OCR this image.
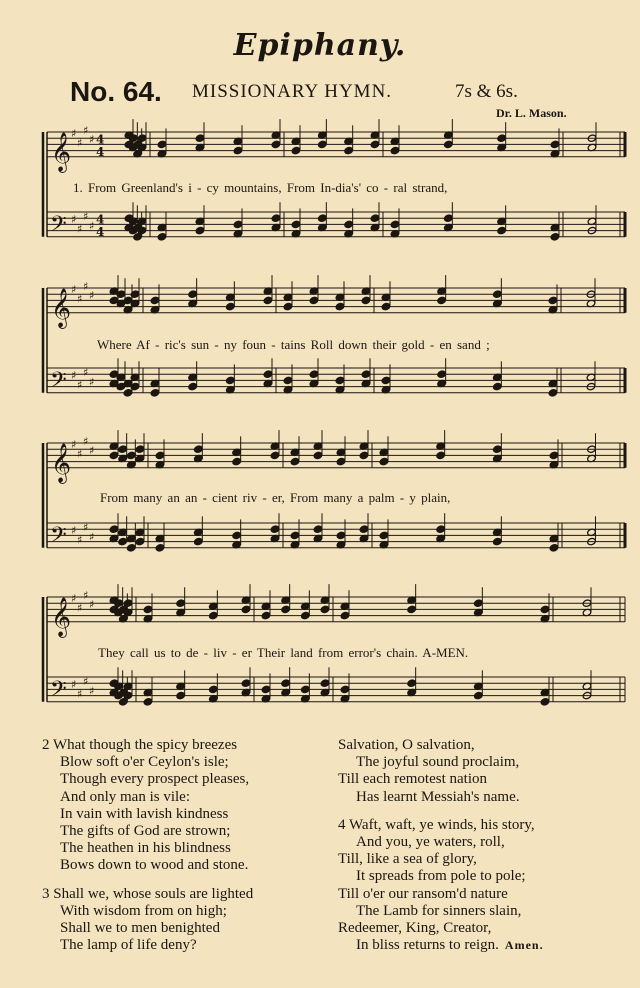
Epiphany.
No. 64. MISSIONARY HYMN.	7s & 6s.
Dr. L. Mason.
𝄞
𝄢
♯
♯
♯
♯
♯
♯
♯
♯
4
4
4
4
𝄞
𝄢
♯
♯
♯
♯
♯
♯
♯
♯
𝄞
𝄢
♯
♯
♯
♯
♯
♯
♯
♯
𝄞
𝄢
♯
♯
♯
♯
♯
♯
♯
♯
1. From Greenland's i - cy mountains, From In-dia's' co - ral strand,
Where Af - ric's sun - ny foun - tains Roll down their gold - en sand ;
From many an an - cient riv - er, From many a palm - y plain,
They call us to de - liv - er Their land from error's chain. A-MEN.
2 What though the spicy breezes
Blow soft o'er Ceylon's isle;
Though every prospect pleases,
And only man is vile:
In vain with lavish kindness
The gifts of God are strown;
The heathen in his blindness
Bows down to wood and stone.
3 Shall we, whose souls are lighted
With wisdom from on high;
Shall we to men benighted
The lamp of life deny?
Salvation, O salvation,
The joyful sound proclaim,
Till each remotest nation
Has learnt Messiah's name.
4 Waft, waft, ye winds, his story,
And you, ye waters, roll,
Till, like a sea of glory,
It spreads from pole to pole;
Till o'er our ransom'd nature
The Lamb for sinners slain,
Redeemer, King, Creator,
In bliss returns to reign. Amen.
